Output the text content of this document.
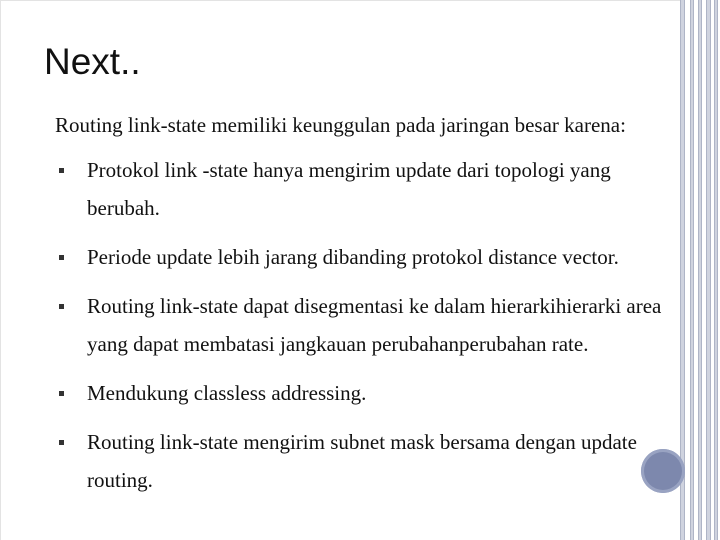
Next..
Routing link-state memiliki keunggulan pada jaringan besar karena:
Protokol link -state hanya mengirim update dari topologi yang berubah.
Periode update lebih jarang dibanding protokol distance vector.
Routing link-state dapat disegmentasi ke dalam hierarkihierarki area yang dapat membatasi jangkauan perubahanperubahan rate.
Mendukung classless addressing.
Routing link-state mengirim subnet mask bersama dengan update routing.
